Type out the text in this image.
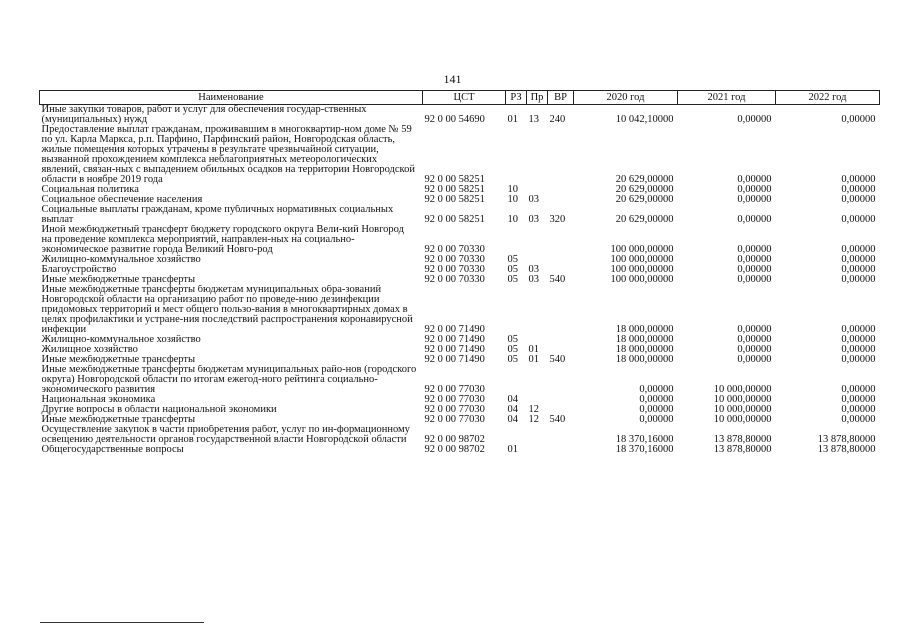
141
Наименование	ЦСТ	РЗ	Пр	ВР	2020 год	2021 год	2022 год
Иные закупки товаров, работ и услуг для обеспечения государ-ственных (муниципальных) нужд	92 0 00 54690	01	13	240	10 042,10000	0,00000	0,00000
Предоставление выплат гражданам, проживавшим в многоквартир-ном доме № 59 по ул. Карла Маркса, р.п. Парфино, Парфинский район, Новгородская область, жилые помещения которых утрачены в результате чрезвычайной ситуации, вызванной прохождением комплекса неблагоприятных метеорологических явлений, связан-ных с выпадением обильных осадков на территории Новгородской области в ноябре 2019 года	92 0 00 58251				20 629,00000	0,00000	0,00000
Социальная политика	92 0 00 58251	10			20 629,00000	0,00000	0,00000
Социальное обеспечение населения	92 0 00 58251	10	03		20 629,00000	0,00000	0,00000
Социальные выплаты гражданам, кроме публичных нормативных социальных выплат	92 0 00 58251	10	03	320	20 629,00000	0,00000	0,00000
Иной межбюджетный трансферт бюджету городского округа Вели-кий Новгород на проведение комплекса мероприятий, направлен-ных на социально-экономическое развитие города Великий Новго-род	92 0 00 70330				100 000,00000	0,00000	0,00000
Жилищно-коммунальное хозяйство	92 0 00 70330	05			100 000,00000	0,00000	0,00000
Благоустройство	92 0 00 70330	05	03		100 000,00000	0,00000	0,00000
Иные межбюджетные трансферты	92 0 00 70330	05	03	540	100 000,00000	0,00000	0,00000
Иные межбюджетные трансферты бюджетам муниципальных обра-зований Новгородской области на организацию работ по проведе-нию дезинфекции придомовых территорий и мест общего пользо-вания в многоквартирных домах в целях профилактики и устране-ния последствий распространения коронавирусной инфекции	92 0 00 71490				18 000,00000	0,00000	0,00000
Жилищно-коммунальное хозяйство	92 0 00 71490	05			18 000,00000	0,00000	0,00000
Жилищное хозяйство	92 0 00 71490	05	01		18 000,00000	0,00000	0,00000
Иные межбюджетные трансферты	92 0 00 71490	05	01	540	18 000,00000	0,00000	0,00000
Иные межбюджетные трансферты бюджетам муниципальных райо-нов (городского округа) Новгородской области по итогам ежегод-ного рейтинга социально-экономического развития	92 0 00 77030				0,00000	10 000,00000	0,00000
Национальная экономика	92 0 00 77030	04			0,00000	10 000,00000	0,00000
Другие вопросы в области национальной экономики	92 0 00 77030	04	12		0,00000	10 000,00000	0,00000
Иные межбюджетные трансферты	92 0 00 77030	04	12	540	0,00000	10 000,00000	0,00000
Осуществление закупок в части приобретения работ, услуг по ин-формационному освещению деятельности органов государственной власти Новгородской области	92 0 00 98702				18 370,16000	13 878,80000	13 878,80000
Общегосударственные вопросы	92 0 00 98702	01			18 370,16000	13 878,80000	13 878,80000
